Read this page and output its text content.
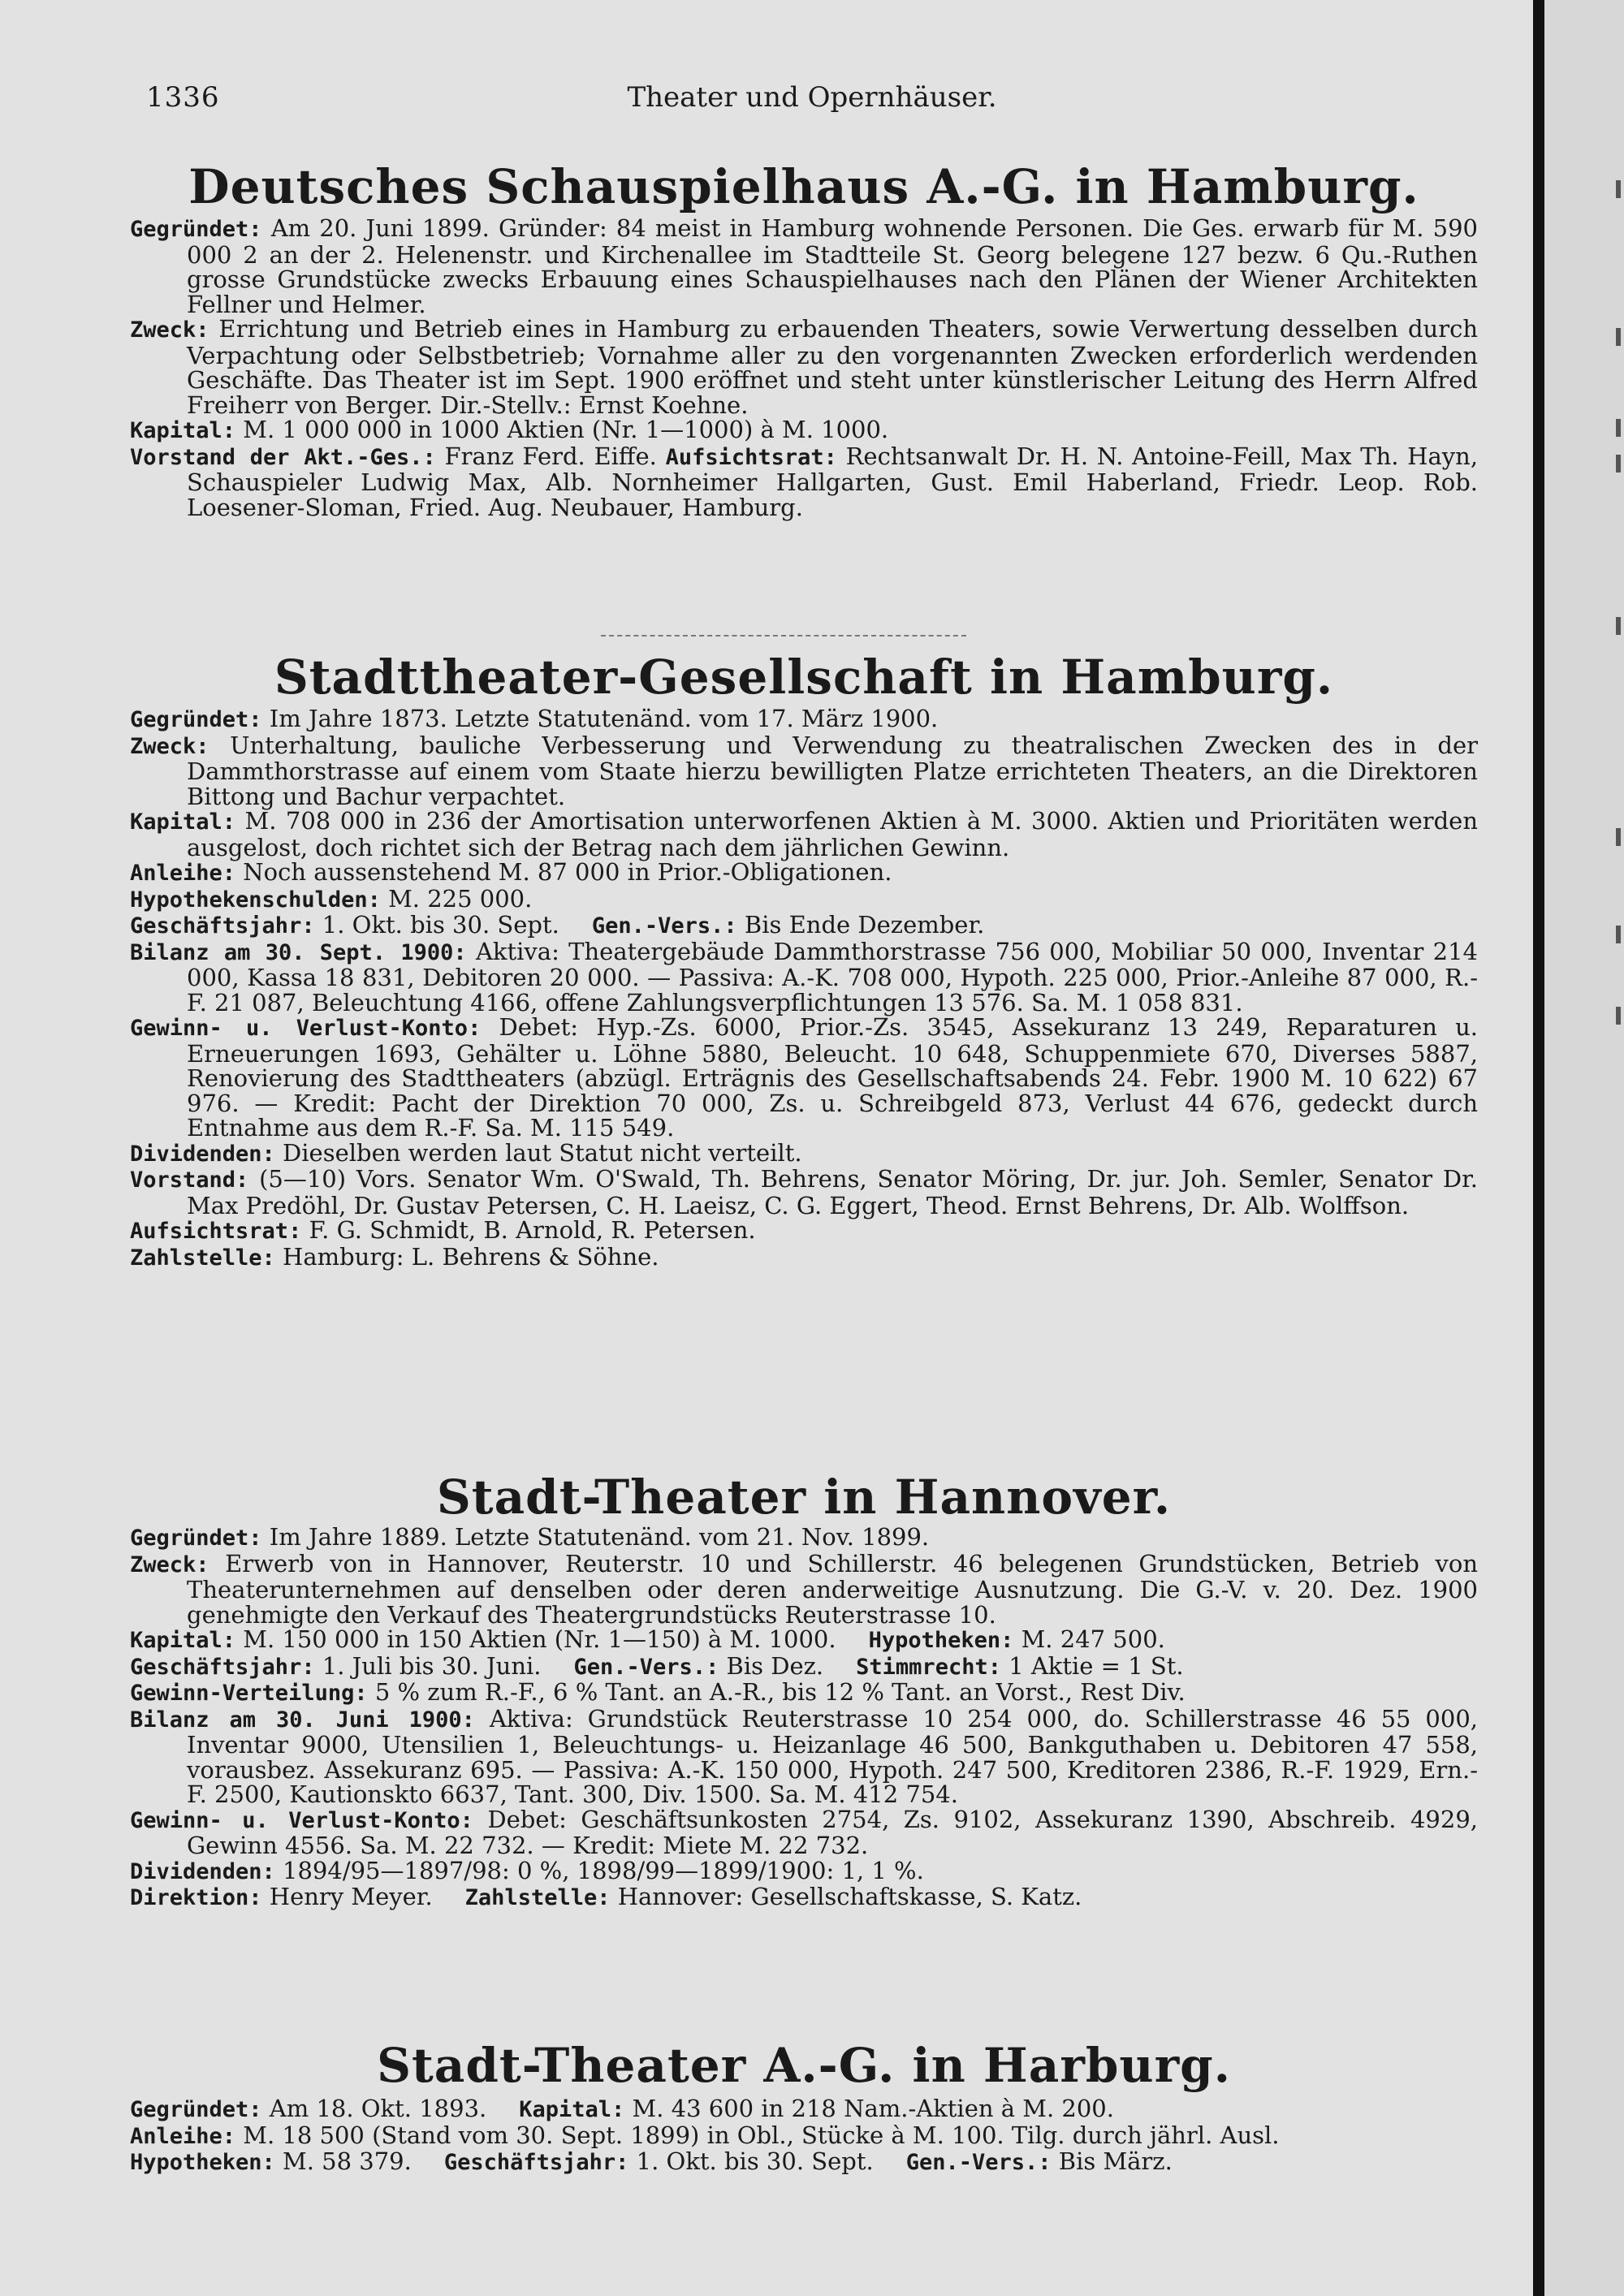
1336	Theater und Opernhäuser.
Deutsches Schauspielhaus A.-G. in Hamburg.

Gegründet: Am 20. Juni 1899. Gründer: 84 meist in Hamburg wohnende Personen. Die Ges. erwarb für M. 590 000 2 an der 2. Helenenstr. und Kirchenallee im Stadtteile St. Georg belegene 127 bezw. 6 Qu.-Ruthen grosse Grundstücke zwecks Erbauung eines Schauspielhauses nach den Plänen der Wiener Architekten Fellner und Helmer.

Zweck: Errichtung und Betrieb eines in Hamburg zu erbauenden Theaters, sowie Verwertung desselben durch Verpachtung oder Selbstbetrieb; Vornahme aller zu den vorgenannten Zwecken erforderlich werdenden Geschäfte. Das Theater ist im Sept. 1900 eröffnet und steht unter künstlerischer Leitung des Herrn Alfred Freiherr von Berger. Dir.-Stellv.: Ernst Koehne.

Kapital: M. 1 000 000 in 1000 Aktien (Nr. 1—1000) à M. 1000.

Vorstand der Akt.-Ges.: Franz Ferd. Eiffe. Aufsichtsrat: Rechtsanwalt Dr. H. N. Antoine-Feill, Max Th. Hayn, Schauspieler Ludwig Max, Alb. Nornheimer Hallgarten, Gust. Emil Haberland, Friedr. Leop. Rob. Loesener-Sloman, Fried. Aug. Neubauer, Hamburg.

Stadttheater-Gesellschaft in Hamburg.

Gegründet: Im Jahre 1873. Letzte Statutenänd. vom 17. März 1900.

Zweck: Unterhaltung, bauliche Verbesserung und Verwendung zu theatralischen Zwecken des in der Dammthorstrasse auf einem vom Staate hierzu bewilligten Platze errichteten Theaters, an die Direktoren Bittong und Bachur verpachtet.

Kapital: M. 708 000 in 236 der Amortisation unterworfenen Aktien à M. 3000. Aktien und Prioritäten werden ausgelost, doch richtet sich der Betrag nach dem jährlichen Gewinn.

Anleihe: Noch aussenstehend M. 87 000 in Prior.-Obligationen.

Hypothekenschulden: M. 225 000.

Geschäftsjahr: 1. Okt. bis 30. Sept. Gen.-Vers.: Bis Ende Dezember.

Bilanz am 30. Sept. 1900: Aktiva: Theatergebäude Dammthorstrasse 756 000, Mobiliar 50 000, Inventar 214 000, Kassa 18 831, Debitoren 20 000. — Passiva: A.-K. 708 000, Hypoth. 225 000, Prior.-Anleihe 87 000, R.-F. 21 087, Beleuchtung 4166, offene Zahlungsverpflichtungen 13 576. Sa. M. 1 058 831.

Gewinn- u. Verlust-Konto: Debet: Hyp.-Zs. 6000, Prior.-Zs. 3545, Assekuranz 13 249, Reparaturen u. Erneuerungen 1693, Gehälter u. Löhne 5880, Beleucht. 10 648, Schuppenmiete 670, Diverses 5887, Renovierung des Stadttheaters (abzügl. Erträgnis des Gesellschaftsabends 24. Febr. 1900 M. 10 622) 67 976. — Kredit: Pacht der Direktion 70 000, Zs. u. Schreibgeld 873, Verlust 44 676, gedeckt durch Entnahme aus dem R.-F. Sa. M. 115 549.

Dividenden: Dieselben werden laut Statut nicht verteilt.

Vorstand: (5—10) Vors. Senator Wm. O'Swald, Th. Behrens, Senator Möring, Dr. jur. Joh. Semler, Senator Dr. Max Predöhl, Dr. Gustav Petersen, C. H. Laeisz, C. G. Eggert, Theod. Ernst Behrens, Dr. Alb. Wolffson.

Aufsichtsrat: F. G. Schmidt, B. Arnold, R. Petersen.

Zahlstelle: Hamburg: L. Behrens & Söhne.

Stadt-Theater in Hannover.

Gegründet: Im Jahre 1889. Letzte Statutenänd. vom 21. Nov. 1899.

Zweck: Erwerb von in Hannover, Reuterstr. 10 und Schillerstr. 46 belegenen Grundstücken, Betrieb von Theaterunternehmen auf denselben oder deren anderweitige Ausnutzung. Die G.-V. v. 20. Dez. 1900 genehmigte den Verkauf des Theatergrundstücks Reuterstrasse 10.

Kapital: M. 150 000 in 150 Aktien (Nr. 1—150) à M. 1000. Hypotheken: M. 247 500.

Geschäftsjahr: 1. Juli bis 30. Juni. Gen.-Vers.: Bis Dez. Stimmrecht: 1 Aktie = 1 St.

Gewinn-Verteilung: 5 % zum R.-F., 6 % Tant. an A.-R., bis 12 % Tant. an Vorst., Rest Div.

Bilanz am 30. Juni 1900: Aktiva: Grundstück Reuterstrasse 10 254 000, do. Schillerstrasse 46 55 000, Inventar 9000, Utensilien 1, Beleuchtungs- u. Heizanlage 46 500, Bankguthaben u. Debitoren 47 558, vorausbez. Assekuranz 695. — Passiva: A.-K. 150 000, Hypoth. 247 500, Kreditoren 2386, R.-F. 1929, Ern.-F. 2500, Kautionskto 6637, Tant. 300, Div. 1500. Sa. M. 412 754.

Gewinn- u. Verlust-Konto: Debet: Geschäftsunkosten 2754, Zs. 9102, Assekuranz 1390, Abschreib. 4929, Gewinn 4556. Sa. M. 22 732. — Kredit: Miete M. 22 732.

Dividenden: 1894/95—1897/98: 0 %, 1898/99—1899/1900: 1, 1 %.

Direktion: Henry Meyer. Zahlstelle: Hannover: Gesellschaftskasse, S. Katz.

Stadt-Theater A.-G. in Harburg.

Gegründet: Am 18. Okt. 1893. Kapital: M. 43 600 in 218 Nam.-Aktien à M. 200.

Anleihe: M. 18 500 (Stand vom 30. Sept. 1899) in Obl., Stücke à M. 100. Tilg. durch jährl. Ausl.

Hypotheken: M. 58 379. Geschäftsjahr: 1. Okt. bis 30. Sept. Gen.-Vers.: Bis März.
